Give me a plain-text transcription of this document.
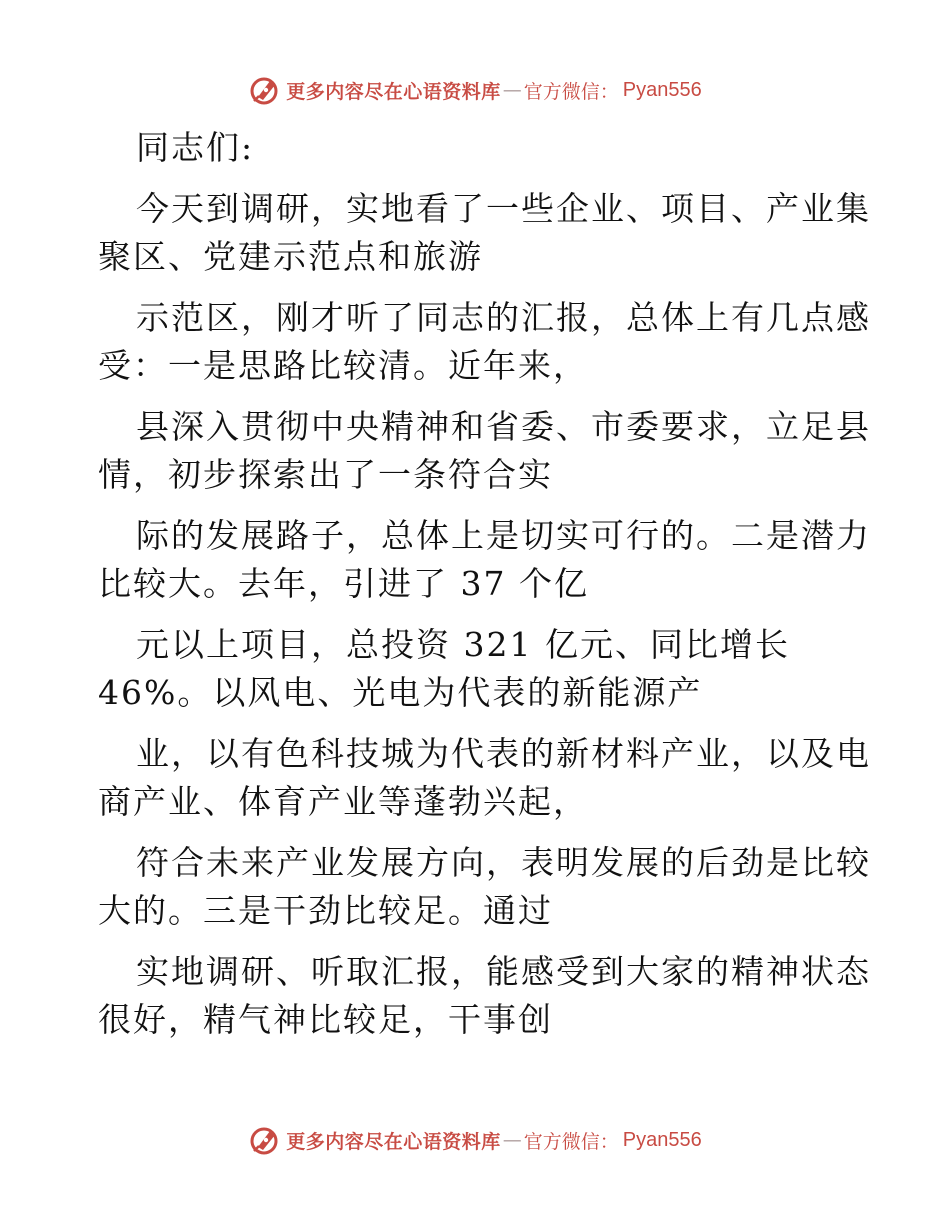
更多内容尽在心语资料库 — 官方微信： Pyan556
同志们:
今天到调研，实地看了一些企业、项目、产业集
聚区、党建示范点和旅游
示范区，刚才听了同志的汇报，总体上有几点感
受：一是思路比较清。近年来，
县深入贯彻中央精神和省委、市委要求，立足县
情，初步探索出了一条符合实
际的发展路子，总体上是切实可行的。二是潜力
比较大。去年，引进了 37 个亿
元以上项目，总投资 321 亿元、同比增长
46%。以风电、光电为代表的新能源产
业，以有色科技城为代表的新材料产业，以及电
商产业、体育产业等蓬勃兴起，
符合未来产业发展方向，表明发展的后劲是比较
大的。三是干劲比较足。通过
实地调研、听取汇报，能感受到大家的精神状态
很好，精气神比较足，干事创
更多内容尽在心语资料库 — 官方微信： Pyan556
